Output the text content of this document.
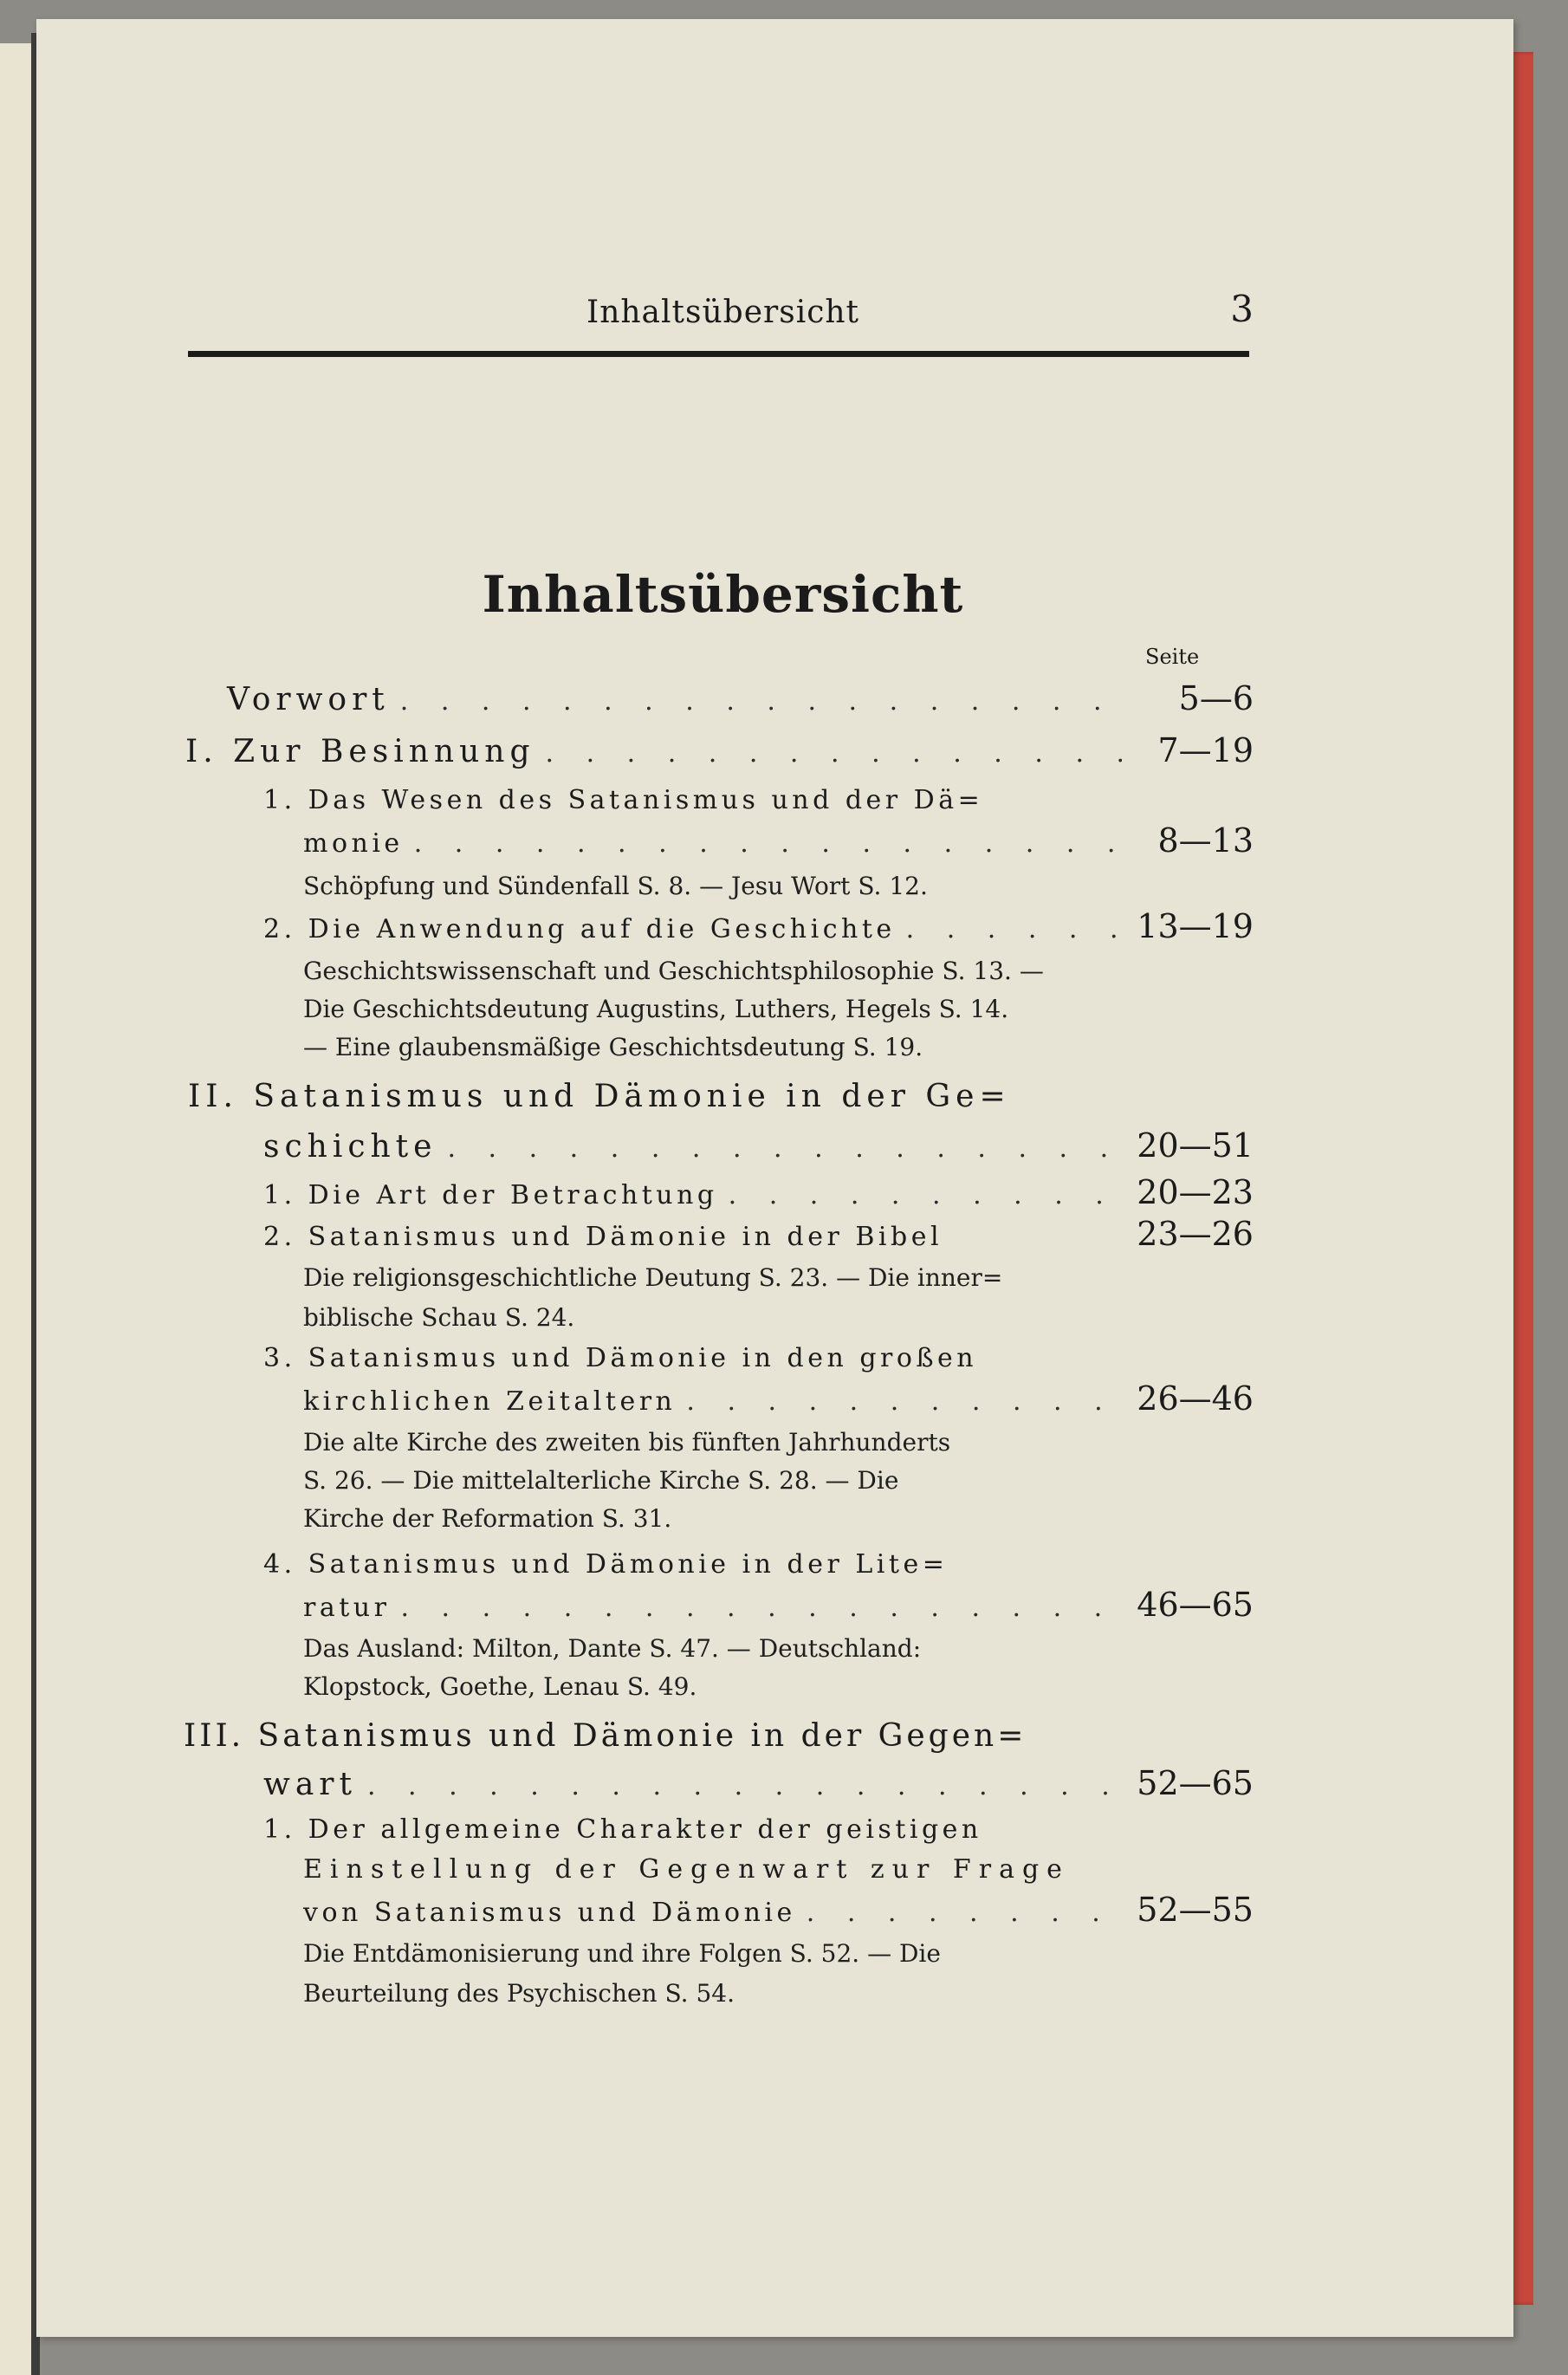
Inhaltsübersicht	3
Inhaltsübersicht
Seite
Vorwort . . .	5—6
I. Zur Besinnung . . .	7—19
1. Das Wesen des Satanismus und der Dä=
monie . . .	8—13
Schöpfung und Sündenfall S. 8. — Jesu Wort S. 12.
2. Die Anwendung auf die Geschichte . . .	13—19
Geschichtswissenschaft und Geschichtsphilosophie S. 13. —
Die Geschichtsdeutung Augustins, Luthers, Hegels S. 14.
— Eine glaubensmäßige Geschichtsdeutung S. 19.
II. Satanismus und Dämonie in der Ge=
schichte . . .	20—51
1. Die Art der Betrachtung . . .	20—23
2. Satanismus und Dämonie in der Bibel	23—26
Die religionsgeschichtliche Deutung S. 23. — Die inner=
biblische Schau S. 24.
3. Satanismus und Dämonie in den großen
kirchlichen Zeitaltern . . .	26—46
Die alte Kirche des zweiten bis fünften Jahrhunderts
S. 26. — Die mittelalterliche Kirche S. 28. — Die
Kirche der Reformation S. 31.
4. Satanismus und Dämonie in der Lite=
ratur . . .	46—65
Das Ausland: Milton, Dante S. 47. — Deutschland:
Klopstock, Goethe, Lenau S. 49.
III. Satanismus und Dämonie in der Gegen=
wart . . .	52—65
1. Der allgemeine Charakter der geistigen
Einstellung der Gegenwart zur Frage
von Satanismus und Dämonie . . .	52—55
Die Entdämonisierung und ihre Folgen S. 52. — Die
Beurteilung des Psychischen S. 54.
